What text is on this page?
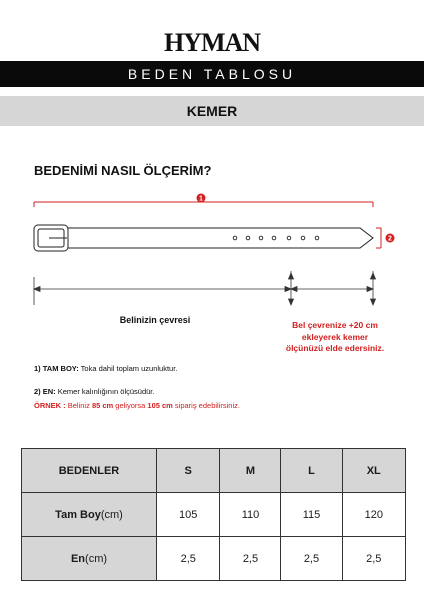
HYMAN
BEDEN TABLOSU
KEMER
BEDENİMİ NASIL ÖLÇERİM?
1
2
Belinizin çevresi	Bel çevrenize +20 cm
ekleyerek kemer
ölçünüzü elde edersiniz.
1) TAM BOY: Toka dahil toplam uzunluktur.
2) EN: Kemer kalınlığının ölçüsüdür.
ÖRNEK : Beliniz 85 cm geliyorsa 105 cm sipariş edebilirsiniz.
BEDENLER	S	M	L	XL
Tam Boy(cm)	105	110	115	120
En(cm)	2,5	2,5	2,5	2,5
